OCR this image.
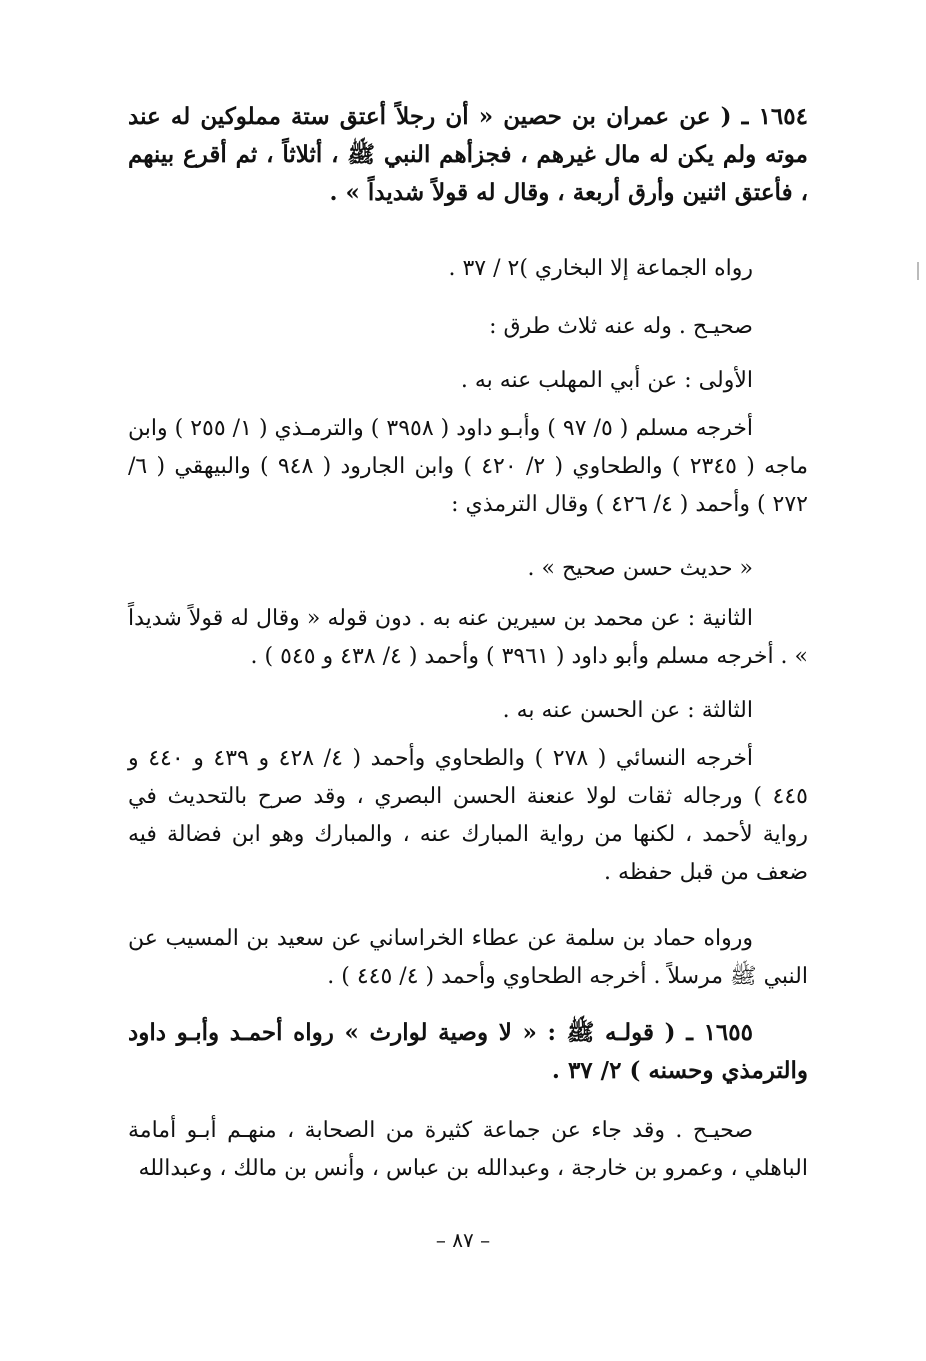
١٦٥٤ ـ ( عن عمران بن حصين « أن رجلاً أعتق ستة مملوكين له عند موته ولم يكن له مال غيرهم ، فجزأهم النبي ﷺ ، أثلاثاً ، ثم أقرع بينهم ، فأعتق اثنين وأرق أربعة ، وقال له قولاً شديداً » .

رواه الجماعة إلا البخاري )٢ / ٣٧ .

صحيـح . وله عنه ثلاث طرق :

الأولى : عن أبي المهلب عنه به .

أخرجه مسلم ( ٥/ ٩٧ ) وأبـو داود ( ٣٩٥٨ ) والترمـذي ( ١/ ٢٥٥ ) وابن ماجه ( ٢٣٤٥ ) والطحاوي ( ٢/ ٤٢٠ ) وابن الجارود ( ٩٤٨ ) والبيهقي ( ٦/ ٢٧٢ ) وأحمد ( ٤/ ٤٢٦ ) وقال الترمذي :

« حديث حسن صحيح » .

الثانية : عن محمد بن سيرين عنه به . دون قوله « وقال له قولاً شديداً » . أخرجه مسلم وأبو داود ( ٣٩٦١ ) وأحمد ( ٤/ ٤٣٨ و ٥٤٥ ) .

الثالثة : عن الحسن عنه به .

أخرجه النسائي ( ٢٧٨ ) والطحاوي وأحمد ( ٤/ ٤٢٨ و ٤٣٩ و ٤٤٠ و ٤٤٥ ) ورجاله ثقات لولا عنعنة الحسن البصري ، وقد صرح بالتحديث في رواية لأحمد ، لكنها من رواية المبارك عنه ، والمبارك وهو ابن فضالة فيه ضعف من قبل حفظه .

ورواه حماد بن سلمة عن عطاء الخراساني عن سعيد بن المسيب عن النبي ﷺ مرسلاً . أخرجه الطحاوي وأحمد ( ٤/ ٤٤٥ ) .

١٦٥٥ ـ ( قولـه ﷺ : « لا وصية لوارث » رواه أحمـد وأبـو داود والترمذي وحسنه ) ٢/ ٣٧ .

صحيـح . وقد جاء عن جماعة كثيرة من الصحابة ، منهـم أبـو أمامة الباهلي ، وعمرو بن خارجة ، وعبدالله بن عباس ، وأنس بن مالك ، وعبدالله

– ٨٧ –
